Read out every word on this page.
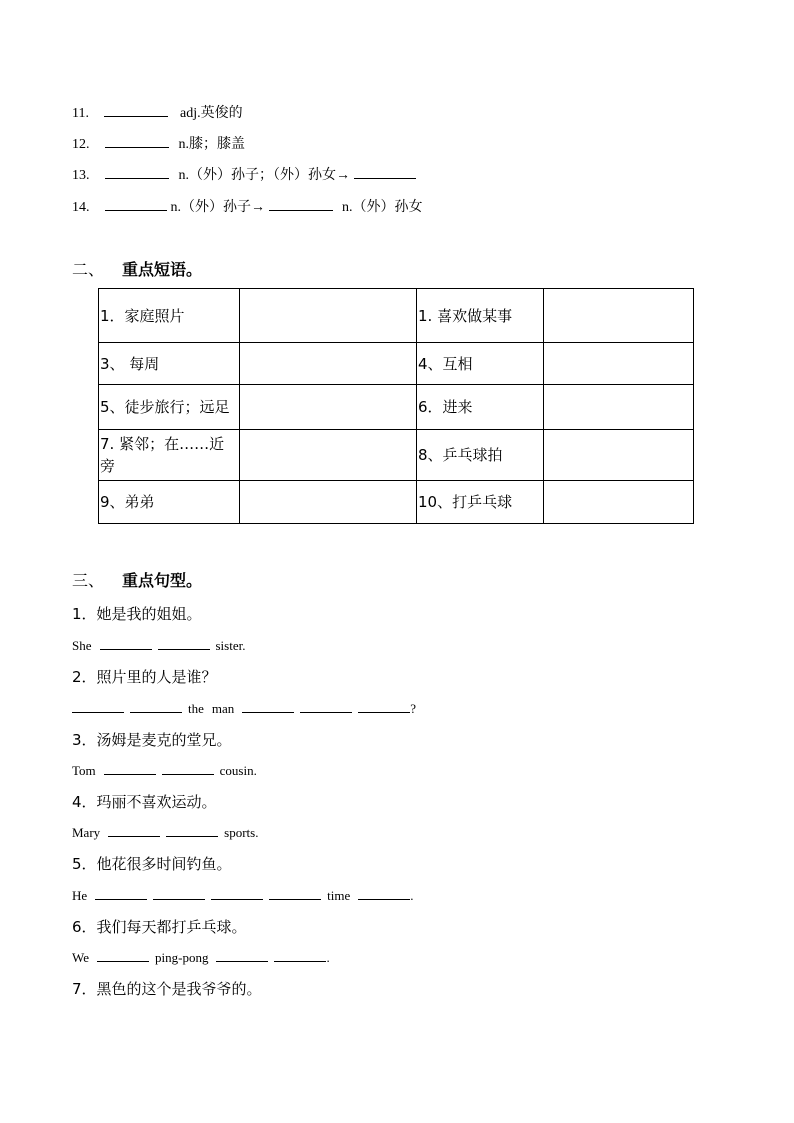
11.	adj.英俊的
12.	n.膝；膝盖
13.	n.（外）孙子；（外）孙女→
14.	n.（外）孙子→	n.（外）孙女
二、 重点短语。
1．家庭照片		1. 喜欢做某事	
3、 每周		4、互相	
5、徒步旅行；远足		6．进来	
7. 紧邻；在……近旁		8、乒乓球拍	
9、弟弟		10、打乒乓球	
三、 重点句型。
1．她是我的姐姐。
She	sister.
2．照片里的人是谁？
the man	?
3．汤姆是麦克的堂兄。
Tom	cousin.
4．玛丽不喜欢运动。
Mary	sports.
5．他花很多时间钓鱼。
He	time	.
6．我们每天都打乒乓球。
We	ping-pong	.
7．黑色的这个是我爷爷的。
